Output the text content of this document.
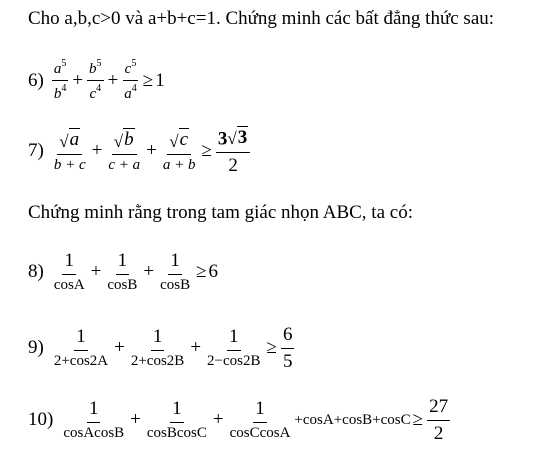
Cho a,b,c>0 và a+b+c=1. Chứng minh các bất đẳng thức sau:
$6) \frac{a^5}{b^4} + \frac{b^5}{c^4} + \frac{c^5}{a^4} \ge 1$
$7) \frac{√ a}{b + c} + \frac{√ b}{c + a} + \frac{√ c}{a + b} \ge \frac{3 √ 3}{2}$
Chứng minh rằng trong tam giác nhọn ABC, ta có:
$8) \frac{1}{\cos A} + \frac{1}{\cos B} + \frac{1}{\cos B} \ge 6$
$9) \frac{1}{2+\cos 2A} + \frac{1}{2+\cos 2B} + \frac{1}{2-\cos 2B} \ge \frac{6}{5}$
$10) \frac{1}{\text{cosAcosB}} + \frac{1}{\text{cosBcosC}} + \frac{1}{\text{cosCcosA}} +\cos A+\cos B+\cos C \ge \frac{27}{2}$
